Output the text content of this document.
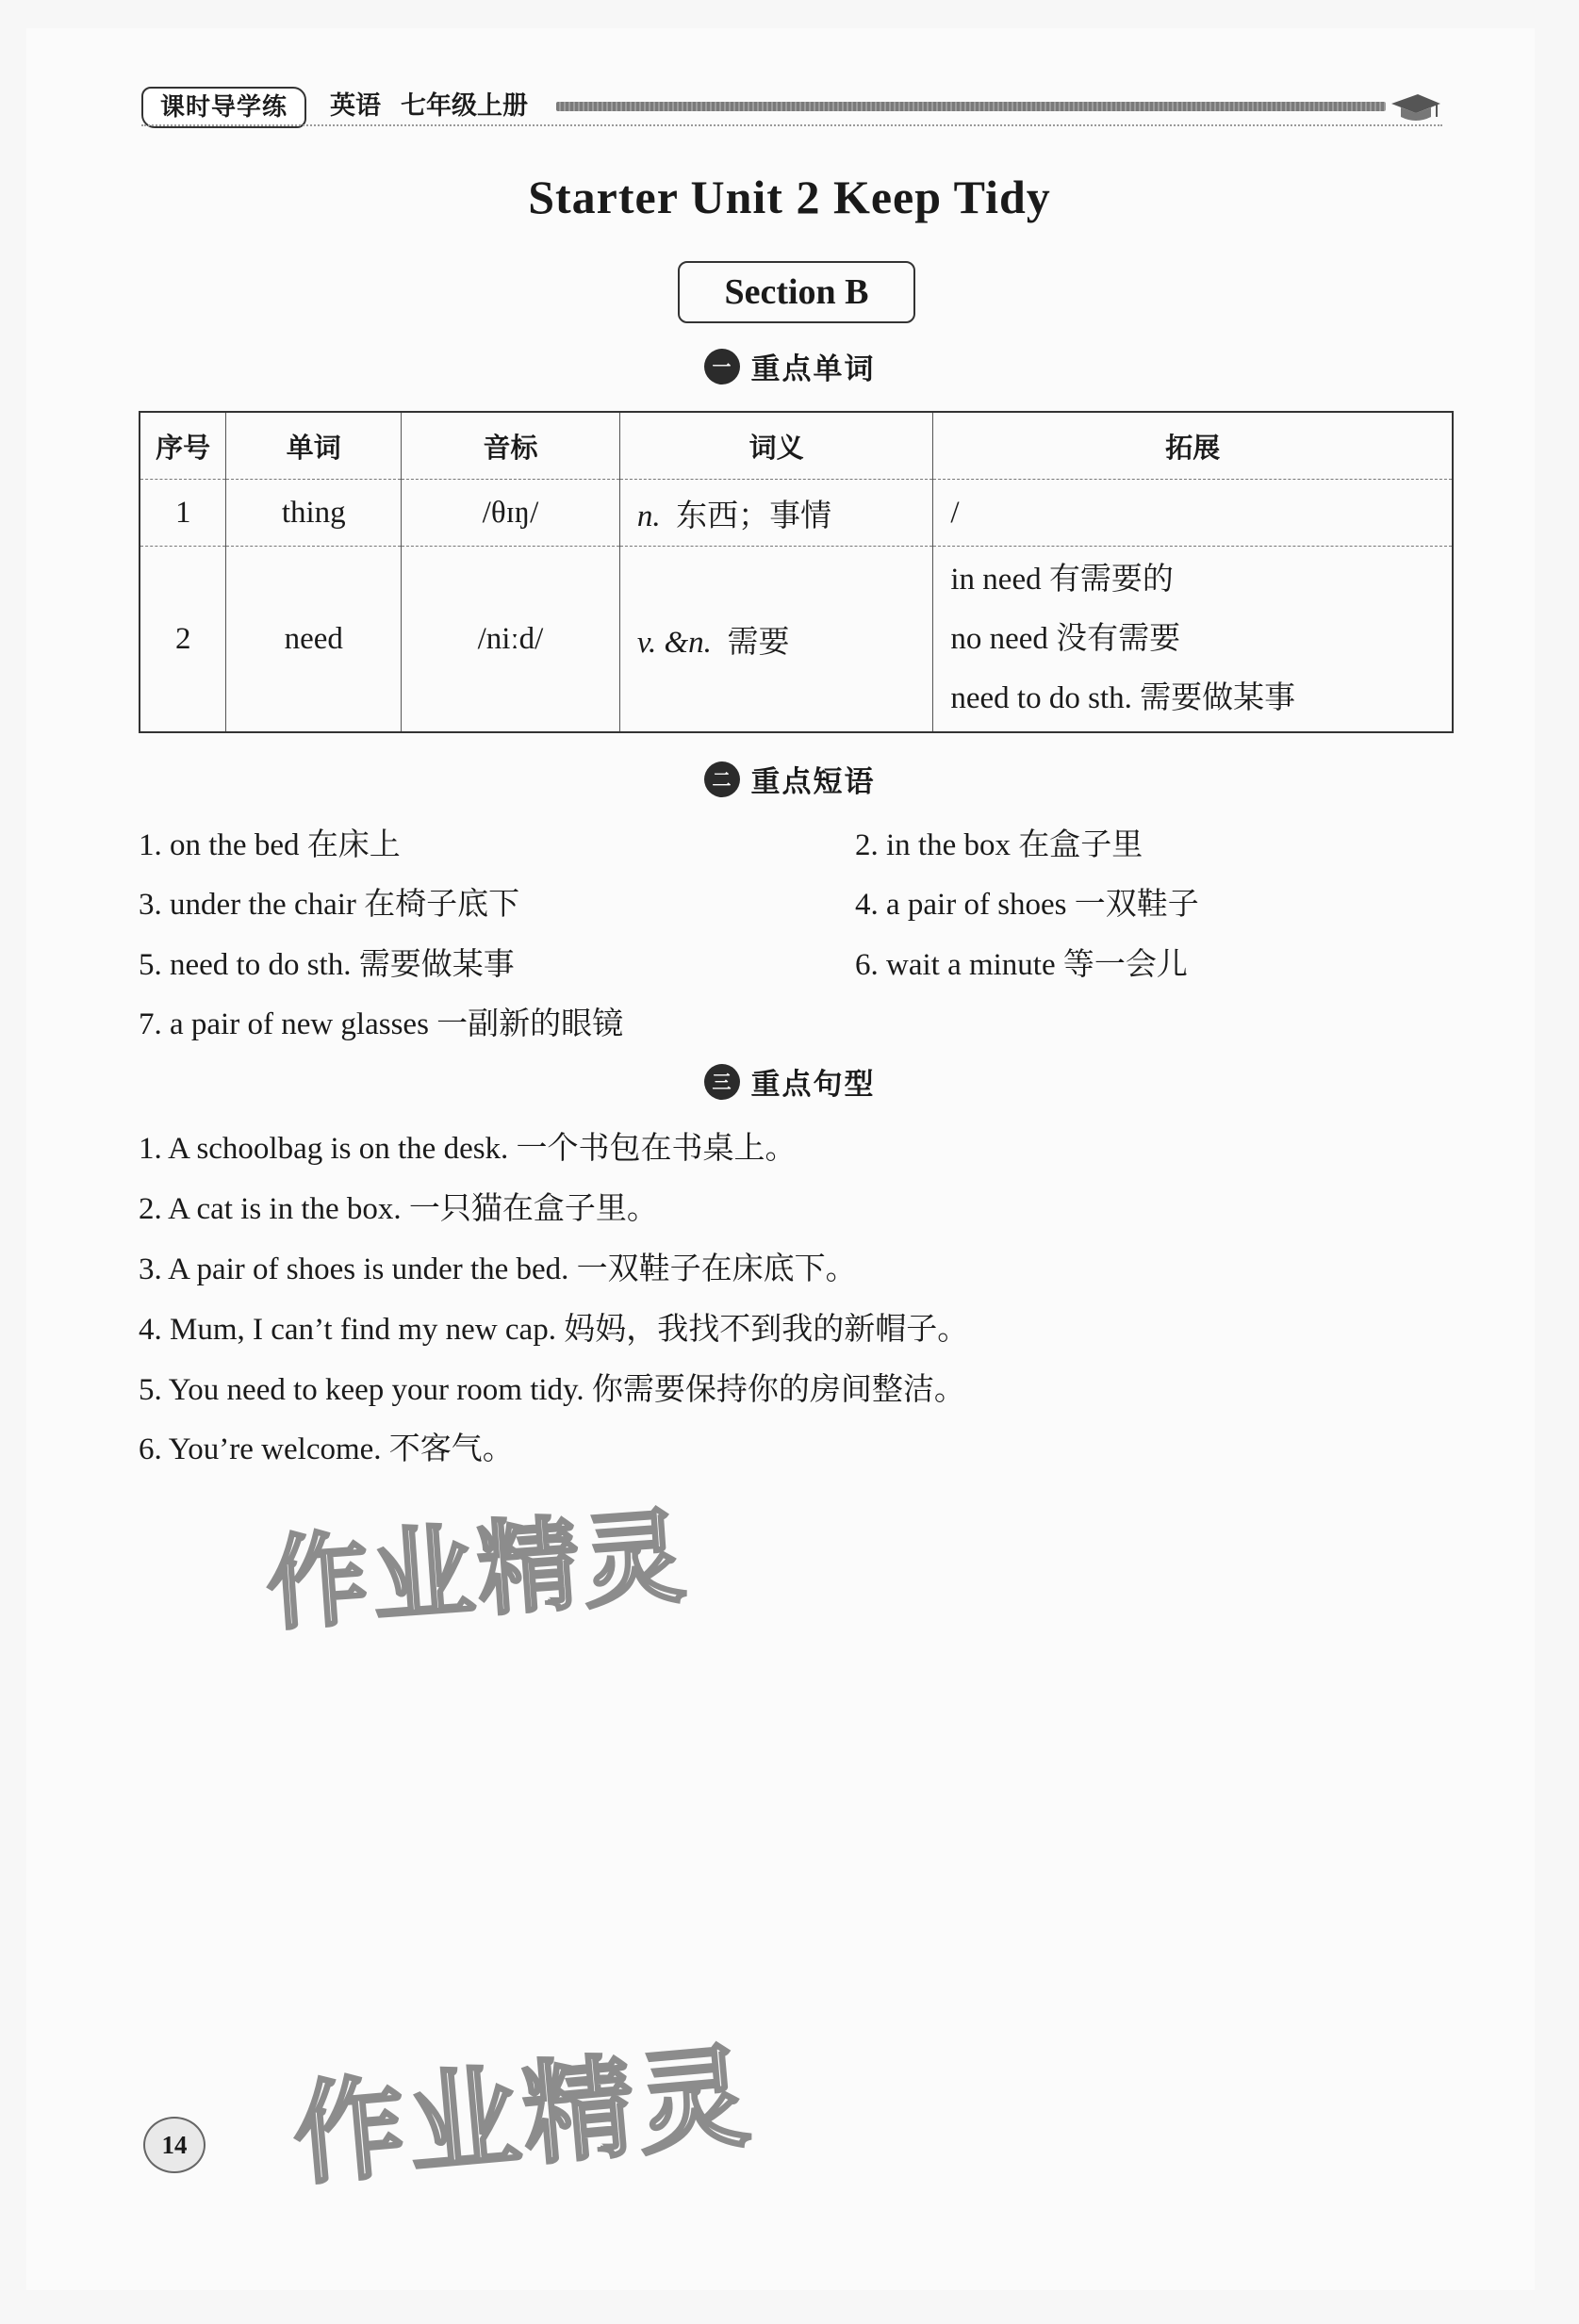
课时导学练	英语 七年级上册
Starter Unit 2 Keep Tidy
Section B
一 重点单词
序号	单词	音标	词义	拓展
1	thing	/θɪŋ/	n. 东西；事情	/
2	need	/niːd/	v. &n. 需要	in need 有需要的
no need 没有需要
need to do sth. 需要做某事
二 重点短语
1. on the bed 在床上	2. in the box 在盒子里
3. under the chair 在椅子底下	4. a pair of shoes 一双鞋子
5. need to do sth. 需要做某事	6. wait a minute 等一会儿
7. a pair of new glasses 一副新的眼镜
三 重点句型
1. A schoolbag is on the desk. 一个书包在书桌上。
2. A cat is in the box. 一只猫在盒子里。
3. A pair of shoes is under the bed. 一双鞋子在床底下。
4. Mum, I can’t find my new cap. 妈妈，我找不到我的新帽子。
5. You need to keep your room tidy. 你需要保持你的房间整洁。
6. You’re welcome. 不客气。
作业精灵
作业精灵
14
